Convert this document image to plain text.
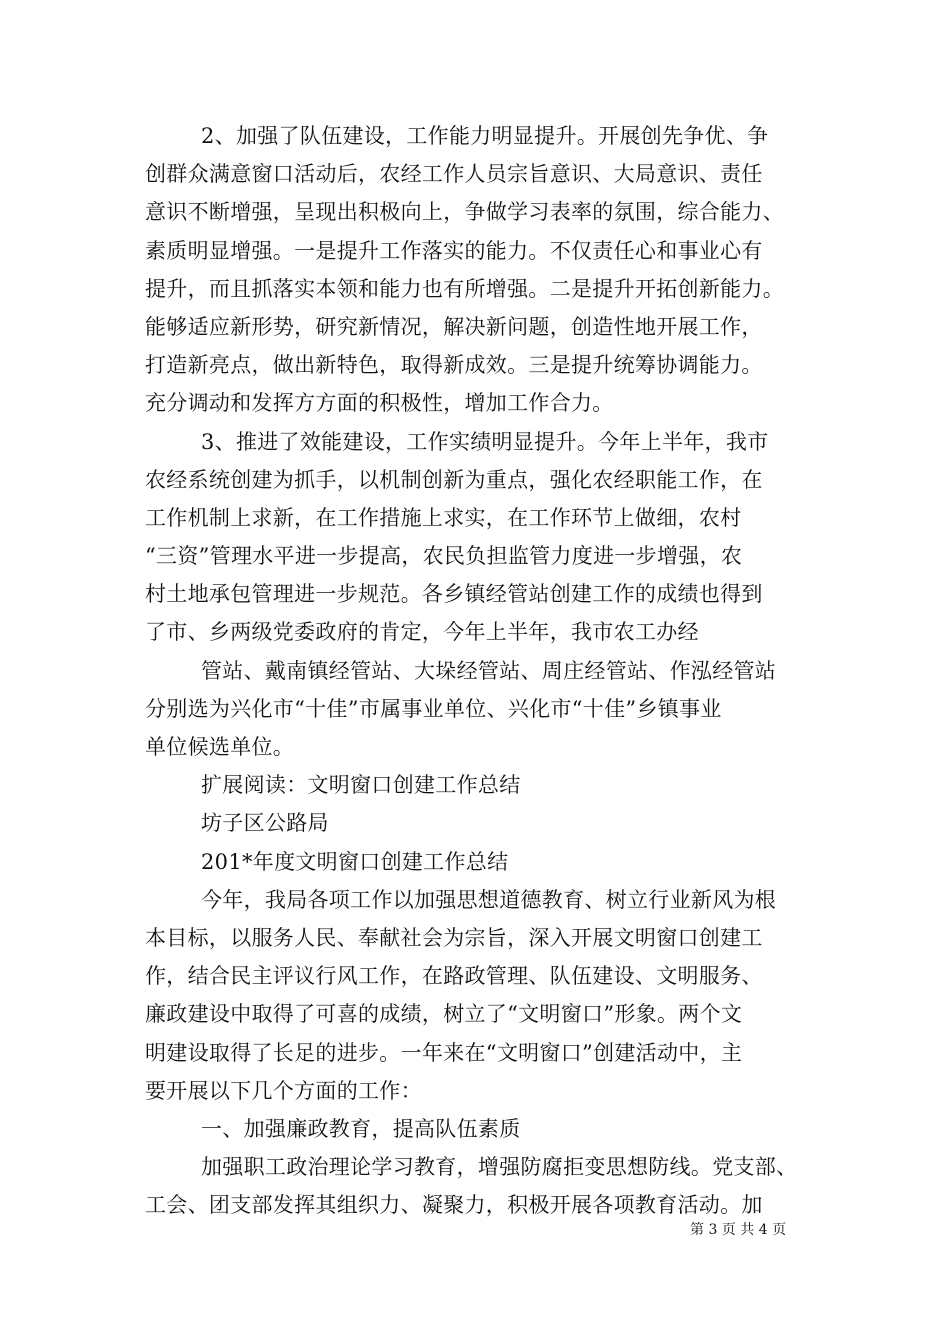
2、加强了队伍建设，工作能力明显提升。开展创先争优、争
创群众满意窗口活动后，农经工作人员宗旨意识、大局意识、责任
意识不断增强，呈现出积极向上，争做学习表率的氛围，综合能力、
素质明显增强。一是提升工作落实的能力。不仅责任心和事业心有
提升，而且抓落实本领和能力也有所增强。二是提升开拓创新能力。
能够适应新形势，研究新情况，解决新问题，创造性地开展工作，
打造新亮点，做出新特色，取得新成效。三是提升统筹协调能力。
充分调动和发挥方方面的积极性，增加工作合力。
3、推进了效能建设，工作实绩明显提升。今年上半年，我市
农经系统创建为抓手，以机制创新为重点，强化农经职能工作，在
工作机制上求新，在工作措施上求实，在工作环节上做细，农村
“三资”管理水平进一步提高，农民负担监管力度进一步增强，农
村土地承包管理进一步规范。各乡镇经管站创建工作的成绩也得到
了市、乡两级党委政府的肯定，今年上半年，我市农工办经
管站、戴南镇经管站、大垛经管站、周庄经管站、作泓经管站
分别选为兴化市“十佳”市属事业单位、兴化市“十佳”乡镇事业
单位候选单位。
扩展阅读：文明窗口创建工作总结
坊子区公路局
201*年度文明窗口创建工作总结
今年，我局各项工作以加强思想道德教育、树立行业新风为根
本目标，以服务人民、奉献社会为宗旨，深入开展文明窗口创建工
作，结合民主评议行风工作，在路政管理、队伍建设、文明服务、
廉政建设中取得了可喜的成绩，树立了“文明窗口”形象。两个文
明建设取得了长足的进步。一年来在“文明窗口”创建活动中，主
要开展以下几个方面的工作：
一、加强廉政教育，提高队伍素质
加强职工政治理论学习教育，增强防腐拒变思想防线。党支部、
工会、团支部发挥其组织力、凝聚力，积极开展各项教育活动。加
第 3 页 共 4 页
